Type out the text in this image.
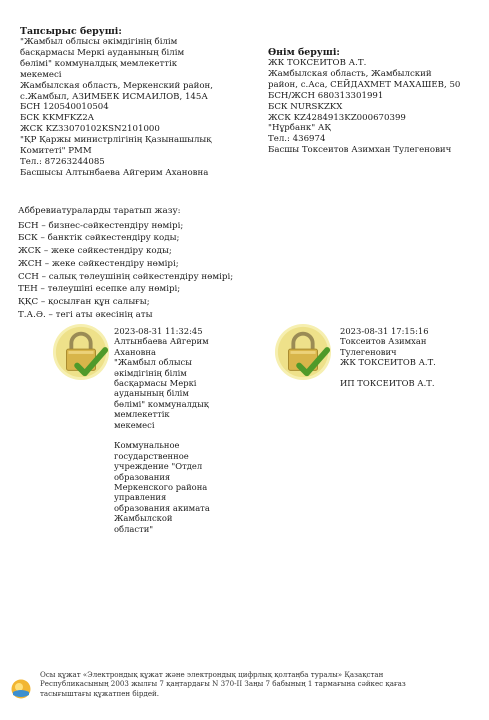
Тапсырыс беруші:
"Жамбыл облысы әкімдігінің білім
басқармасы Меркі ауданының білім
бөлімі" коммуналдық мемлекеттік
мекемесі
Жамбылская область, Меркенский район,
с.Жамбыл, АЗИМБЕК ИСМАИЛОВ, 145А
БСН 120540010504
БСК KKMFKZ2A
ЖСК KZ33070102KSN2101000
"ҚР Қаржы министрлігінің Қазынашылық
Комитеті" РММ
Тел.: 87263244085
Басшысы Алтынбаева Айгерим Ахановна
Өнім беруші:
ЖК ТОКСЕИТОВ А.Т.
Жамбылская область, Жамбылский
район, с.Аса, СЕЙДАХМЕТ МАХАШЕВ, 50
БСН/ЖСН 680313301991
БСК NURSKZKX
ЖСК KZ4284913KZ000670399
"Нұрбанк" АҚ
Тел.: 436974
Басшы Токсеитов Азимхан Тулегенович
Аббревиатураларды таратып жазу:
БСН – бизнес-сәйкестендіру нөмірі;
БСК – банктік сәйкестендіру коды;
ЖСК – жеке сәйкестендіру коды;
ЖСН – жеке сәйкестендіру нөмірі;
ССН – салық төлеушінің сәйкестендіру нөмірі;
ТЕН – төлеушіні есепке алу нөмірі;
ҚҚС – қосылған құн салығы;
Т.А.Ә. – тегі аты әкесінің аты
2023-08-31 11:32:45
Алтынбаева Айгерим
Ахановна
"Жамбыл облысы
әкімдігінің білім
басқармасы Меркі
ауданының білім
бөлімі" коммуналдық
мемлекеттік
мекемесі
Коммунальное
государственное
учреждение "Отдел
образования
Меркенского района
управления
образования акимата
Жамбылской
области"
2023-08-31 17:15:16
Токсеитов Азимхан
Тулегенович
ЖК ТОКСЕИТОВ А.Т.
ИП ТОКСЕИТОВ А.Т.
Осы құжат «Электрондық құжат және электрондық цифрлық қолтаңба туралы» Қазақстан
Республикасының 2003 жылғы 7 қаңтардағы N 370-II Заңы 7 бабының 1 тармағына сәйкес қағаз
тасығыштағы құжатпен бірдей.
